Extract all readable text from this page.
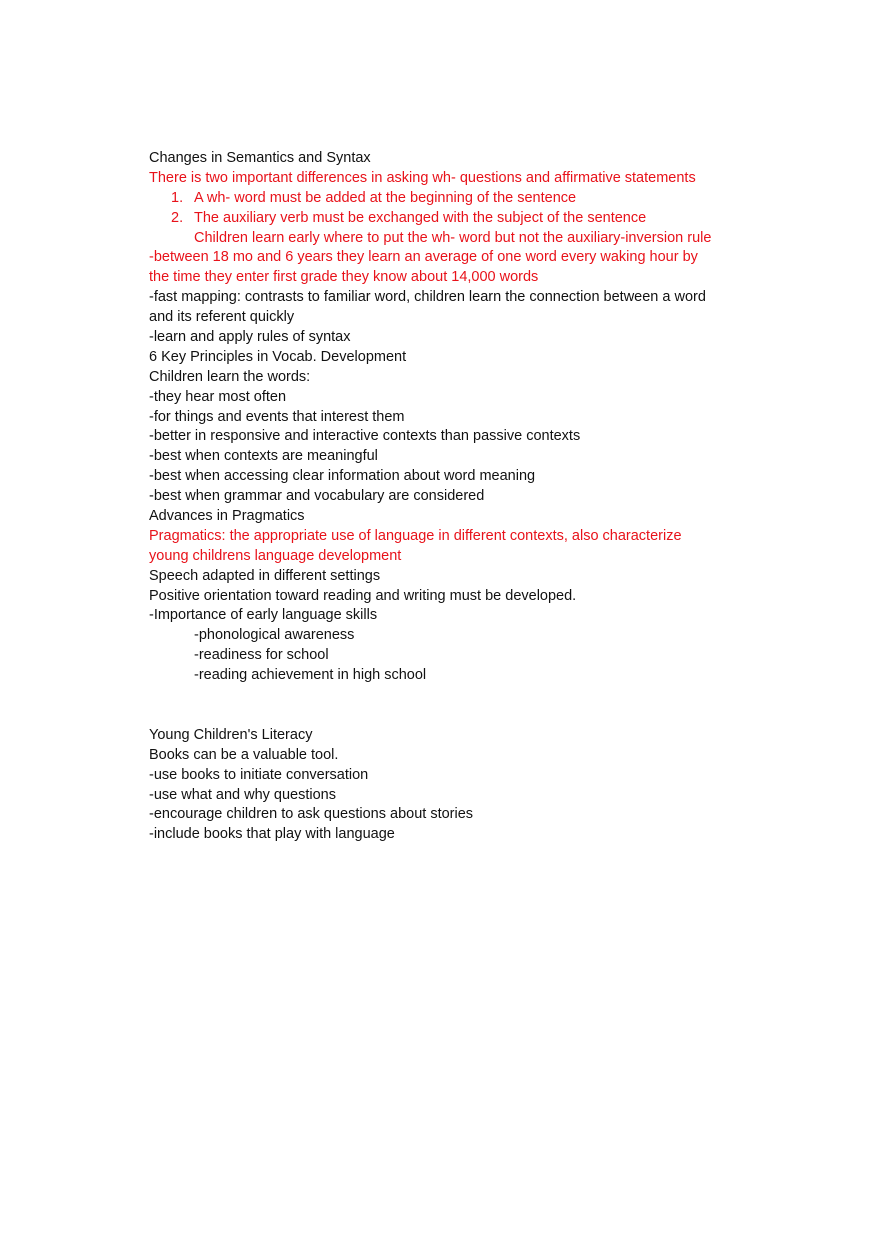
Changes in Semantics and Syntax
There is two important differences in asking wh- questions and affirmative statements
1. A wh- word must be added at the beginning of the sentence
2. The auxiliary verb must be exchanged with the subject of the sentence
Children learn early where to put the wh- word but not the auxiliary-inversion rule
-between 18 mo and 6 years they learn an average of one word every waking hour by
the time they enter first grade they know about 14,000 words
-fast mapping: contrasts to familiar word, children learn the connection between a word
and its referent quickly
-learn and apply rules of syntax
6 Key Principles in Vocab. Development
Children learn the words:
-they hear most often
-for things and events that interest them
-better in responsive and interactive contexts than passive contexts
-best when contexts are meaningful
-best when accessing clear information about word meaning
-best when grammar and vocabulary are considered
Advances in Pragmatics
Pragmatics: the appropriate use of language in different contexts, also characterize
young childrens language development
Speech adapted in different settings
Positive orientation toward reading and writing must be developed.
-Importance of early language skills
-phonological awareness
-readiness for school
-reading achievement in high school
Young Children's Literacy
Books can be a valuable tool.
-use books to initiate conversation
-use what and why questions
-encourage children to ask questions about stories
-include books that play with language
